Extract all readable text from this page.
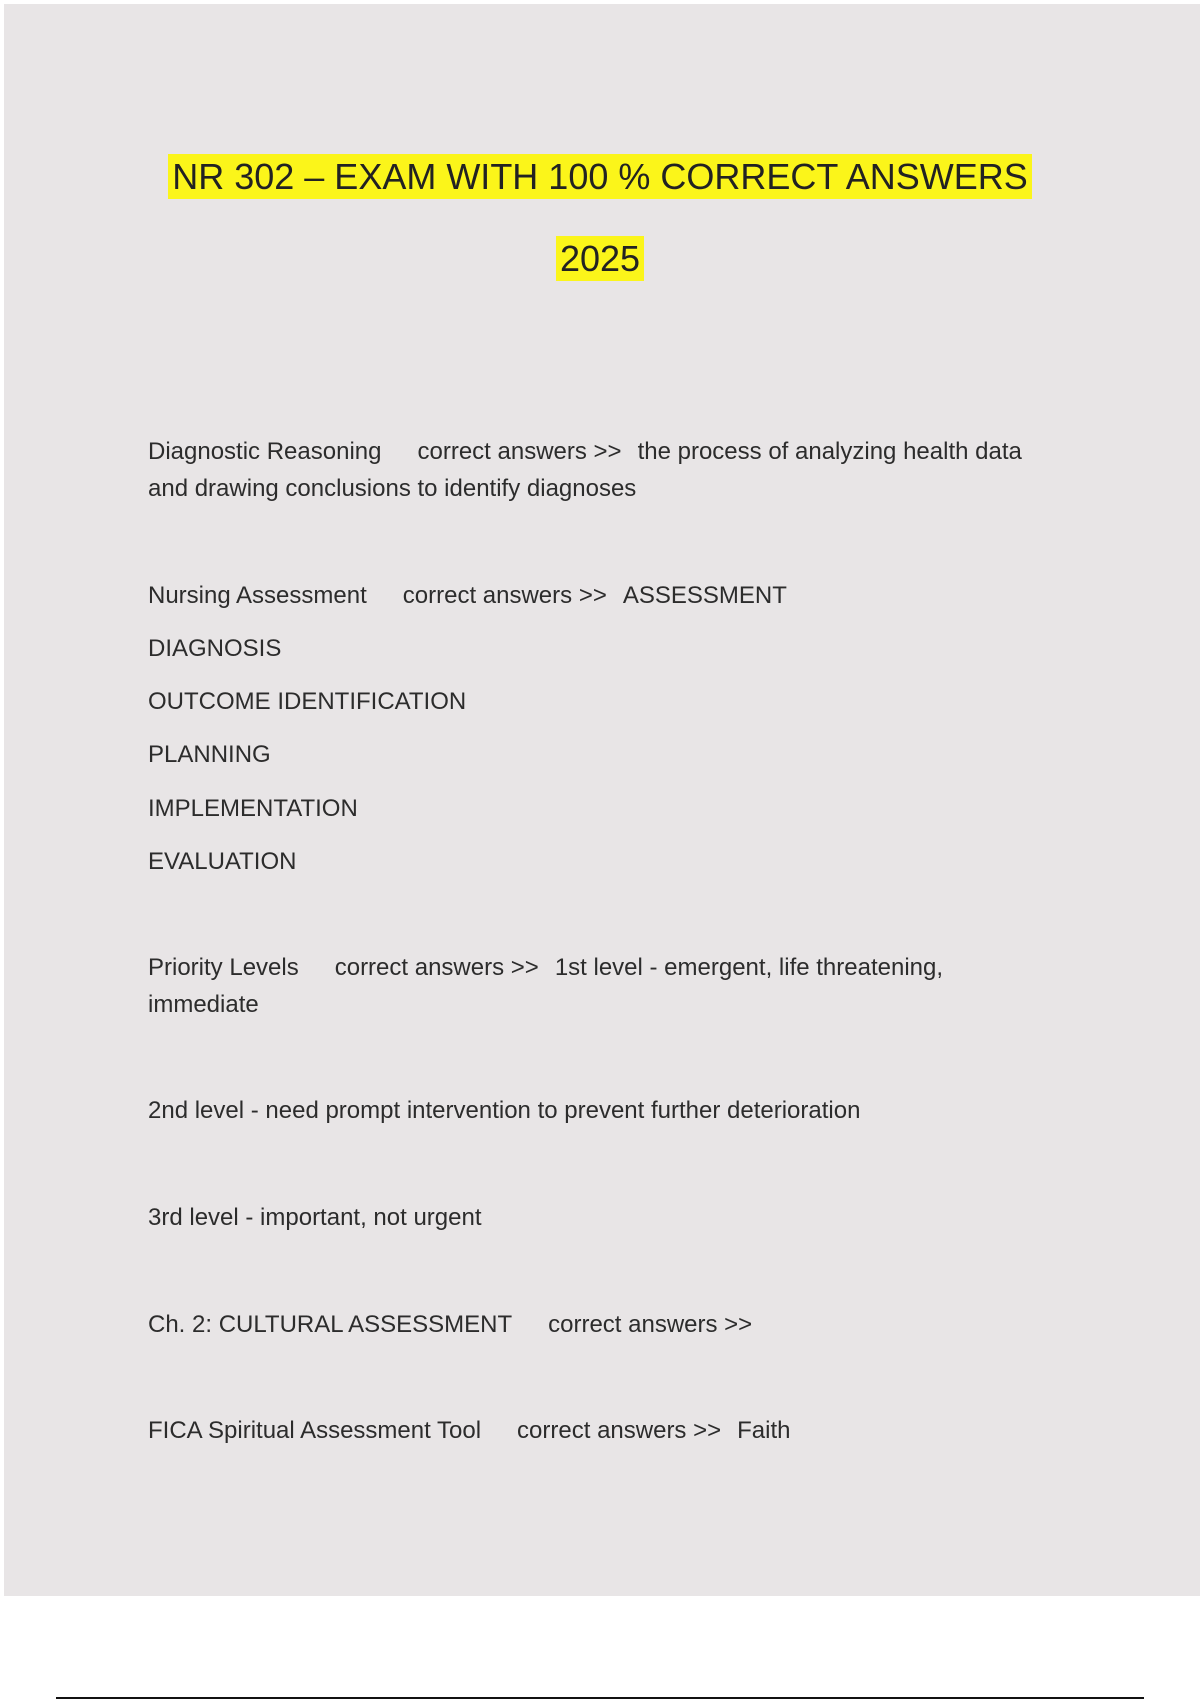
NR 302 – EXAM WITH 100 % CORRECT ANSWERS
2025
Diagnostic Reasoning correct answers >> the process of analyzing health data
and drawing conclusions to identify diagnoses
Nursing Assessment correct answers >> ASSESSMENT
DIAGNOSIS
OUTCOME IDENTIFICATION
PLANNING
IMPLEMENTATION
EVALUATION
Priority Levels correct answers >> 1st level - emergent, life threatening,
immediate
2nd level - need prompt intervention to prevent further deterioration
3rd level - important, not urgent
Ch. 2: CULTURAL ASSESSMENT correct answers >>
FICA Spiritual Assessment Tool correct answers >> Faith
